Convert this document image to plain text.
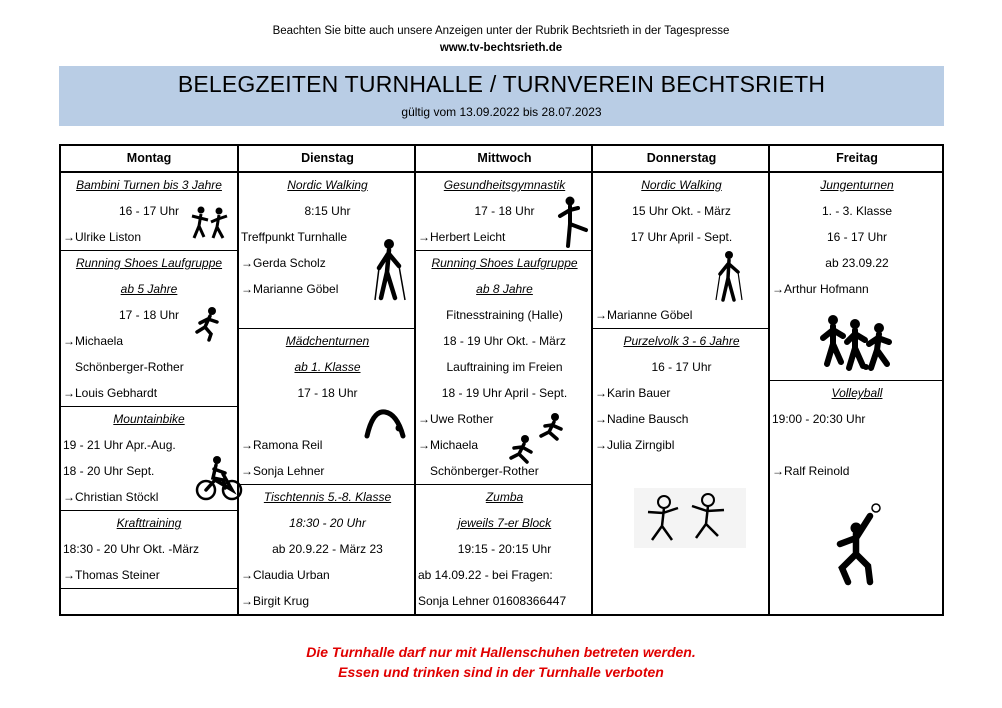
Beachten Sie bitte auch unsere Anzeigen unter der Rubrik Bechtsrieth in der Tagespresse
www.tv-bechtsrieth.de
BELEGZEITEN TURNHALLE / TURNVEREIN BECHTSRIETH
gültig vom 13.09.2022 bis 28.07.2023
Montag
Bambini Turnen bis 3 Jahre
16 - 17 Uhr
→Ulrike Liston
Running Shoes Laufgruppe
ab 5 Jahre
17 - 18 Uhr
→Michaela
Schönberger-Rother
→Louis Gebhardt
Mountainbike
19 - 21 Uhr Apr.-Aug.
18 - 20 Uhr Sept.
→Christian Stöckl
Krafttraining
18:30 - 20 Uhr Okt. -März
→Thomas Steiner
Dienstag
Nordic Walking
8:15 Uhr
Treffpunkt Turnhalle
→Gerda Scholz
→Marianne Göbel
Mädchenturnen
ab 1. Klasse
17 - 18 Uhr
→Ramona Reil
→Sonja Lehner
Tischtennis 5.-8. Klasse
18:30 - 20 Uhr
ab 20.9.22 - März 23
→Claudia Urban
→Birgit Krug
Mittwoch
Gesundheitsgymnastik
17 - 18 Uhr
→Herbert Leicht
Running Shoes Laufgruppe
ab 8 Jahre
Fitnesstraining (Halle)
18 - 19 Uhr Okt. - März
Lauftraining im Freien
18 - 19 Uhr April - Sept.
→Uwe Rother
→Michaela
Schönberger-Rother
Zumba
jeweils 7-er Block
19:15 - 20:15 Uhr
ab 14.09.22 - bei Fragen:
Sonja Lehner 01608366447
Donnerstag
Nordic Walking
15 Uhr Okt. - März
17 Uhr April - Sept.
→Marianne Göbel
Purzelvolk 3 - 6 Jahre
16 - 17 Uhr
→Karin Bauer
→Nadine Bausch
→Julia Zirngibl
Freitag
Jungenturnen
1. - 3. Klasse
16 - 17 Uhr
ab 23.09.22
→Arthur Hofmann
Volleyball
19:00 - 20:30 Uhr
→Ralf Reinold
Die Turnhalle darf nur mit Hallenschuhen betreten werden.
Essen und trinken sind in der Turnhalle verboten
